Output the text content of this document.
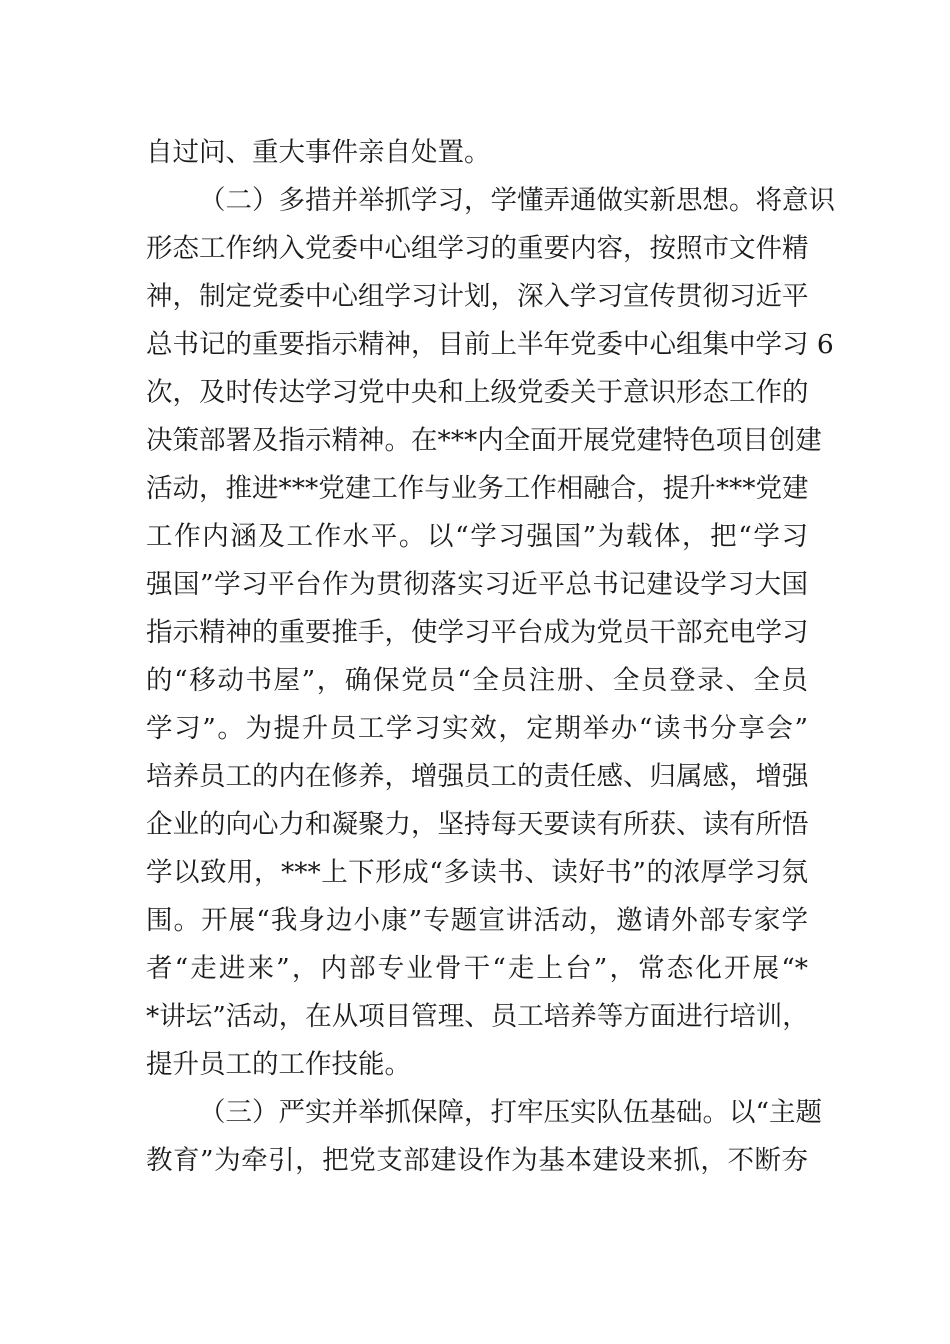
自过问、重大事件亲自处置。
（二）多措并举抓学习，学懂弄通做实新思想。将意识
形态工作纳入党委中心组学习的重要内容，按照市文件精
神，制定党委中心组学习计划，深入学习宣传贯彻习近平
总书记的重要指示精神，目前上半年党委中心组集中学习 6
次，及时传达学习党中央和上级党委关于意识形态工作的
决策部署及指示精神。在***内全面开展党建特色项目创建
活动，推进***党建工作与业务工作相融合，提升***党建
工作内涵及工作水平。以“学习强国”为载体，把“学习
强国”学习平台作为贯彻落实习近平总书记建设学习大国
指示精神的重要推手，使学习平台成为党员干部充电学习
的“移动书屋”，确保党员“全员注册、全员登录、全员
学习”。为提升员工学习实效，定期举办“读书分享会”
培养员工的内在修养，增强员工的责任感、归属感，增强
企业的向心力和凝聚力，坚持每天要读有所获、读有所悟
学以致用，***上下形成“多读书、读好书”的浓厚学习氛
围。开展“我身边小康”专题宣讲活动，邀请外部专家学
者“走进来”，内部专业骨干“走上台”，常态化开展“*
*讲坛”活动，在从项目管理、员工培养等方面进行培训，
提升员工的工作技能。
（三）严实并举抓保障，打牢压实队伍基础。以“主题
教育”为牵引，把党支部建设作为基本建设来抓，不断夯
